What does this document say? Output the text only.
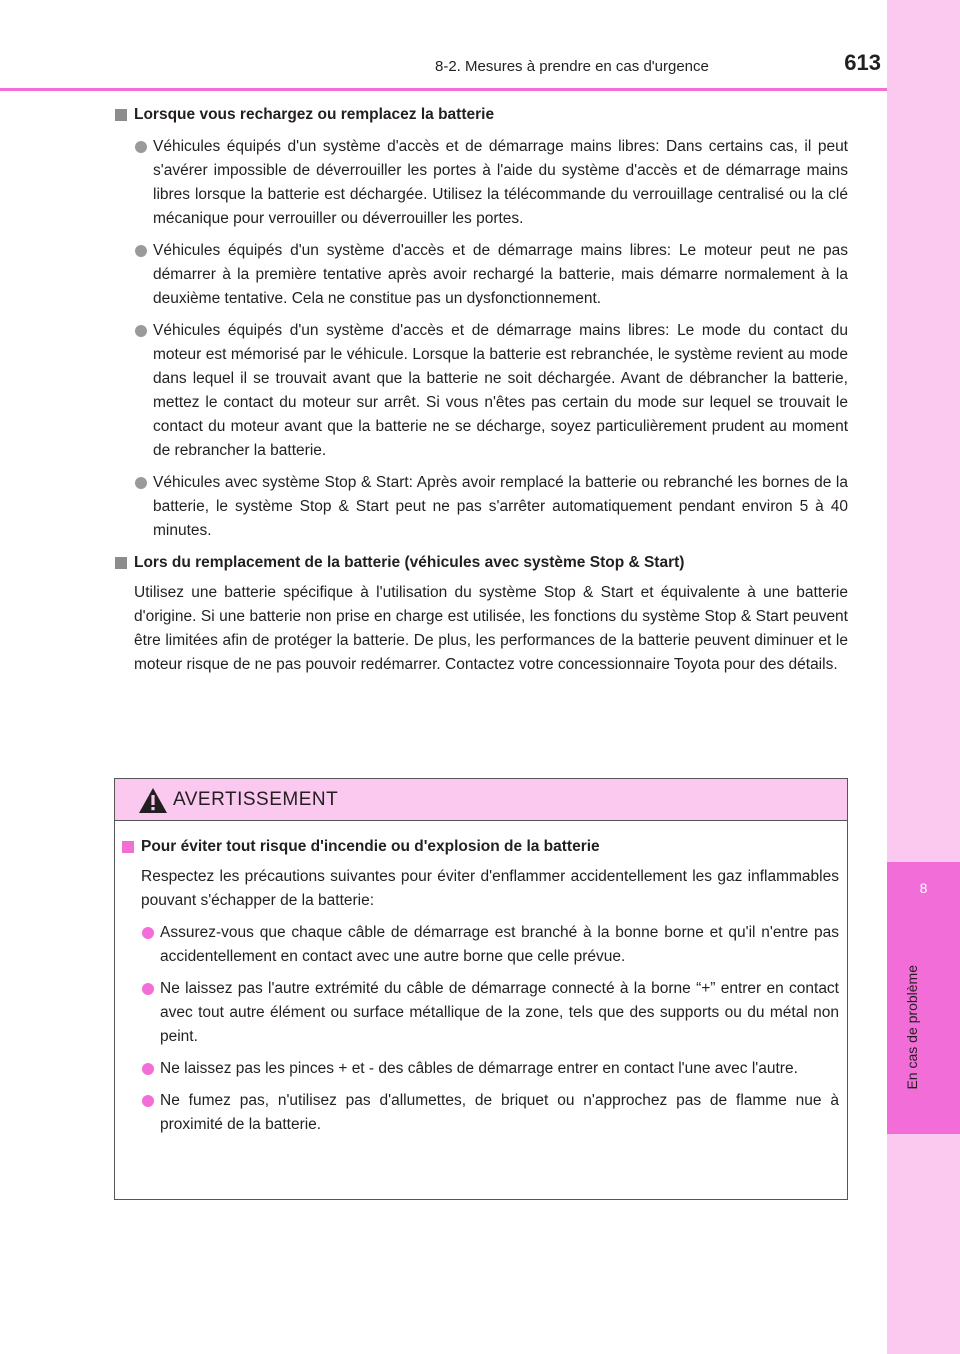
8
En cas de problème
8-2. Mesures à prendre en cas d'urgence	613
Lorsque vous rechargez ou remplacez la batterie
Véhicules équipés d'un système d'accès et de démarrage mains libres: Dans certains cas, il peut s'avérer impossible de déverrouiller les portes à l'aide du système d'accès et de démarrage mains libres lorsque la batterie est déchargée. Utilisez la télécommande du verrouillage centralisé ou la clé mécanique pour verrouiller ou déverrouiller les portes.
Véhicules équipés d'un système d'accès et de démarrage mains libres: Le moteur peut ne pas démarrer à la première tentative après avoir rechargé la batterie, mais démarre normalement à la deuxième tentative. Cela ne constitue pas un dysfonctionnement.
Véhicules équipés d'un système d'accès et de démarrage mains libres: Le mode du contact du moteur est mémorisé par le véhicule. Lorsque la batterie est rebranchée, le système revient au mode dans lequel il se trouvait avant que la batterie ne soit déchargée. Avant de débrancher la batterie, mettez le contact du moteur sur arrêt. Si vous n'êtes pas certain du mode sur lequel se trouvait le contact du moteur avant que la batterie ne se décharge, soyez particulièrement prudent au moment de rebrancher la batterie.
Véhicules avec système Stop & Start: Après avoir remplacé la batterie ou rebranché les bornes de la batterie, le système Stop & Start peut ne pas s'arrêter automatiquement pendant environ 5 à 40 minutes.
Lors du remplacement de la batterie (véhicules avec système Stop & Start)

Utilisez une batterie spécifique à l'utilisation du système Stop & Start et équivalente à une batterie d'origine. Si une batterie non prise en charge est utilisée, les fonctions du système Stop & Start peuvent être limitées afin de protéger la batterie. De plus, les performances de la batterie peuvent diminuer et le moteur risque de ne pas pouvoir redémarrer. Contactez votre concessionnaire Toyota pour des détails.

AVERTISSEMENT
Pour éviter tout risque d'incendie ou d'explosion de la batterie

Respectez les précautions suivantes pour éviter d'enflammer accidentellement les gaz inflammables pouvant s'échapper de la batterie:

Assurez-vous que chaque câble de démarrage est branché à la bonne borne et qu'il n'entre pas accidentellement en contact avec une autre borne que celle prévue.
Ne laissez pas l'autre extrémité du câble de démarrage connecté à la borne “+” entrer en contact avec tout autre élément ou surface métallique de la zone, tels que des supports ou du métal non peint.
Ne laissez pas les pinces + et - des câbles de démarrage entrer en contact l'une avec l'autre.
Ne fumez pas, n'utilisez pas d'allumettes, de briquet ou n'approchez pas de flamme nue à proximité de la batterie.
